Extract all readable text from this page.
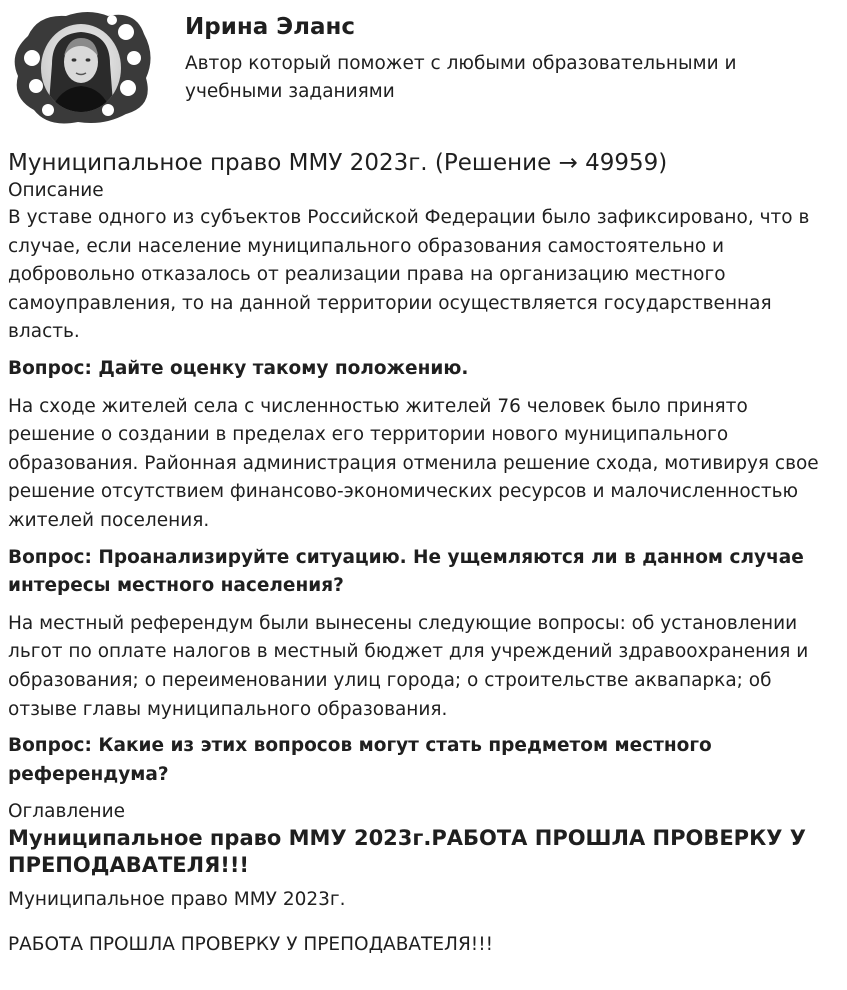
Ирина Эланс

Автор который поможет с любыми образовательными и учебными заданиями

Муниципальное право ММУ 2023г. (Решение → 49959)

Описание

В уставе одного из субъектов Российской Федерации было зафиксировано, что в случае, если население муниципального образования самостоятельно и добровольно отказалось от реализации права на организацию местного самоуправления, то на данной территории осуществляется государственная власть.

Вопрос: Дайте оценку такому положению.

На сходе жителей села с численностью жителей 76 человек было принято решение о создании в пределах его территории нового муниципального образования. Районная администрация отменила решение схода, мотивируя свое решение отсутствием финансово-экономических ресурсов и малочисленностью жителей поселения.

Вопрос: Проанализируйте ситуацию. Не ущемляются ли в данном случае интересы местного населения?

На местный референдум были вынесены следующие вопросы: об установлении льгот по оплате налогов в местный бюджет для учреждений здравоохранения и образования; о переименовании улиц города; о строительстве аквапарка; об отзыве главы муниципального образования.

Вопрос: Какие из этих вопросов могут стать предметом местного референдума?

Оглавление

Муниципальное право ММУ 2023г.РАБОТА ПРОШЛА ПРОВЕРКУ У ПРЕПОДАВАТЕЛЯ!!!

Муниципальное право ММУ 2023г.

РАБОТА ПРОШЛА ПРОВЕРКУ У ПРЕПОДАВАТЕЛЯ!!!
